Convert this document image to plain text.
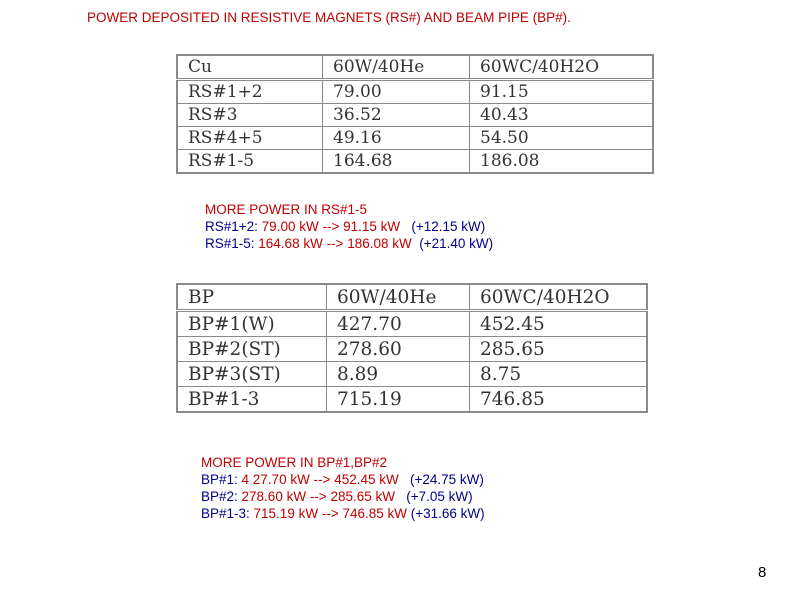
POWER DEPOSITED IN RESISTIVE MAGNETS (RS#) AND BEAM PIPE (BP#).
Cu	60W/40He	60WC/40H2O
RS#1+2	79.00	91.15
RS#3	36.52	40.43
RS#4+5	49.16	54.50
RS#1-5	164.68	186.08
MORE POWER IN RS#1-5
RS#1+2: 79.00 kW --> 91.15 kW   (+12.15 kW)
RS#1-5: 164.68 kW --> 186.08 kW  (+21.40 kW)
BP	60W/40He	60WC/40H2O
BP#1(W)	427.70	452.45
BP#2(ST)	278.60	285.65
BP#3(ST)	8.89	8.75
BP#1-3	715.19	746.85
MORE POWER IN BP#1,BP#2
BP#1: 4 27.70 kW --> 452.45 kW   (+24.75 kW)
BP#2: 278.60 kW --> 285.65 kW   (+7.05 kW)
BP#1-3: 715.19 kW --> 746.85 kW (+31.66 kW)
8
